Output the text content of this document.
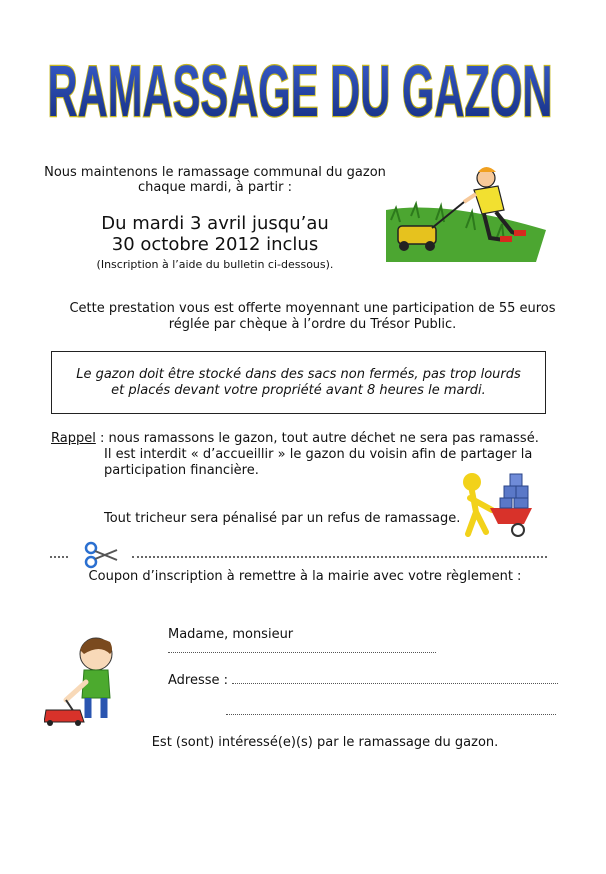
RAMASSAGE DU GAZON
Nous maintenons le ramassage communal du gazon
chaque mardi, à partir :
Du mardi 3 avril jusqu’au
30 octobre 2012 inclus
(Inscription à l’aide du bulletin ci-dessous).
Cette prestation vous est offerte moyennant une participation de 55 euros
réglée par chèque à l’ordre du Trésor Public.
Le gazon doit être stocké dans des sacs non fermés, pas trop lourds
et placés devant votre propriété avant 8 heures le mardi.
Rappel : nous ramassons le gazon, tout autre déchet ne sera pas ramassé.
Il est interdit « d’accueillir » le gazon du voisin afin de partager la
participation financière.
Tout tricheur sera pénalisé par un refus de ramassage.
Coupon d’inscription à remettre à la mairie avec votre règlement :
Madame, monsieur
Adresse :
Est (sont) intéressé(e)(s) par le ramassage du gazon.
